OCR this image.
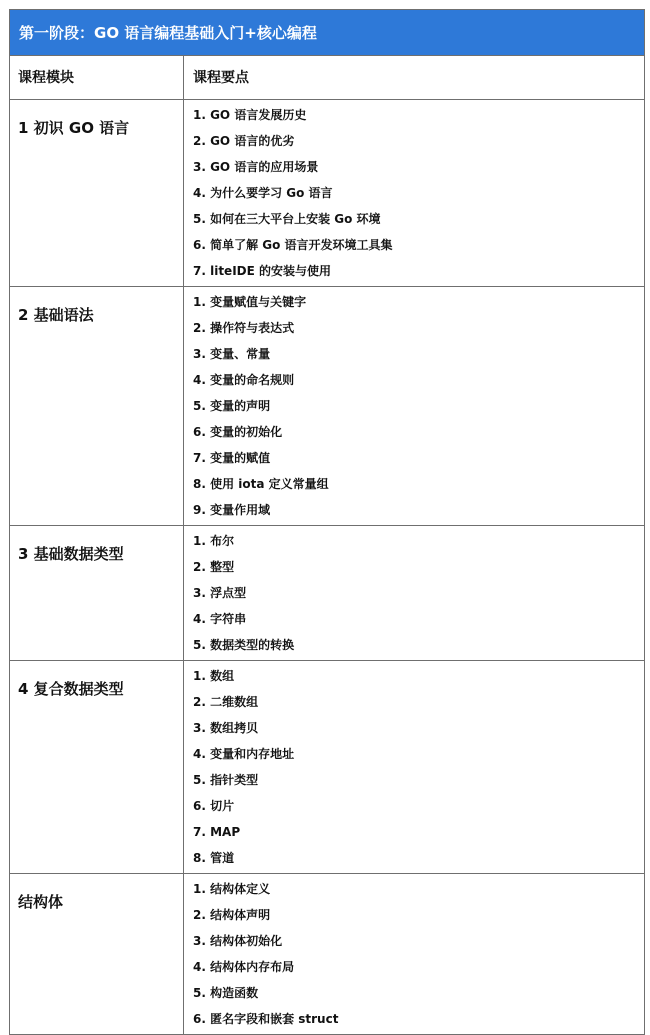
第一阶段：GO 语言编程基础入门+核心编程
课程模块	课程要点
1 初识 GO 语言
1. GO 语言发展历史
2. GO 语言的优劣
3. GO 语言的应用场景
4. 为什么要学习 Go 语言
5. 如何在三大平台上安装 Go 环境
6. 简单了解 Go 语言开发环境工具集
7. liteIDE 的安装与使用
2 基础语法
1. 变量赋值与关键字
2. 操作符与表达式
3. 变量、常量
4. 变量的命名规则
5. 变量的声明
6. 变量的初始化
7. 变量的赋值
8. 使用 iota 定义常量组
9. 变量作用域
3 基础数据类型
1. 布尔
2. 整型
3. 浮点型
4. 字符串
5. 数据类型的转换
4 复合数据类型
1. 数组
2. 二维数组
3. 数组拷贝
4. 变量和内存地址
5. 指针类型
6. 切片
7. MAP
8. 管道
结构体
1. 结构体定义
2. 结构体声明
3. 结构体初始化
4. 结构体内存布局
5. 构造函数
6. 匿名字段和嵌套 struct
